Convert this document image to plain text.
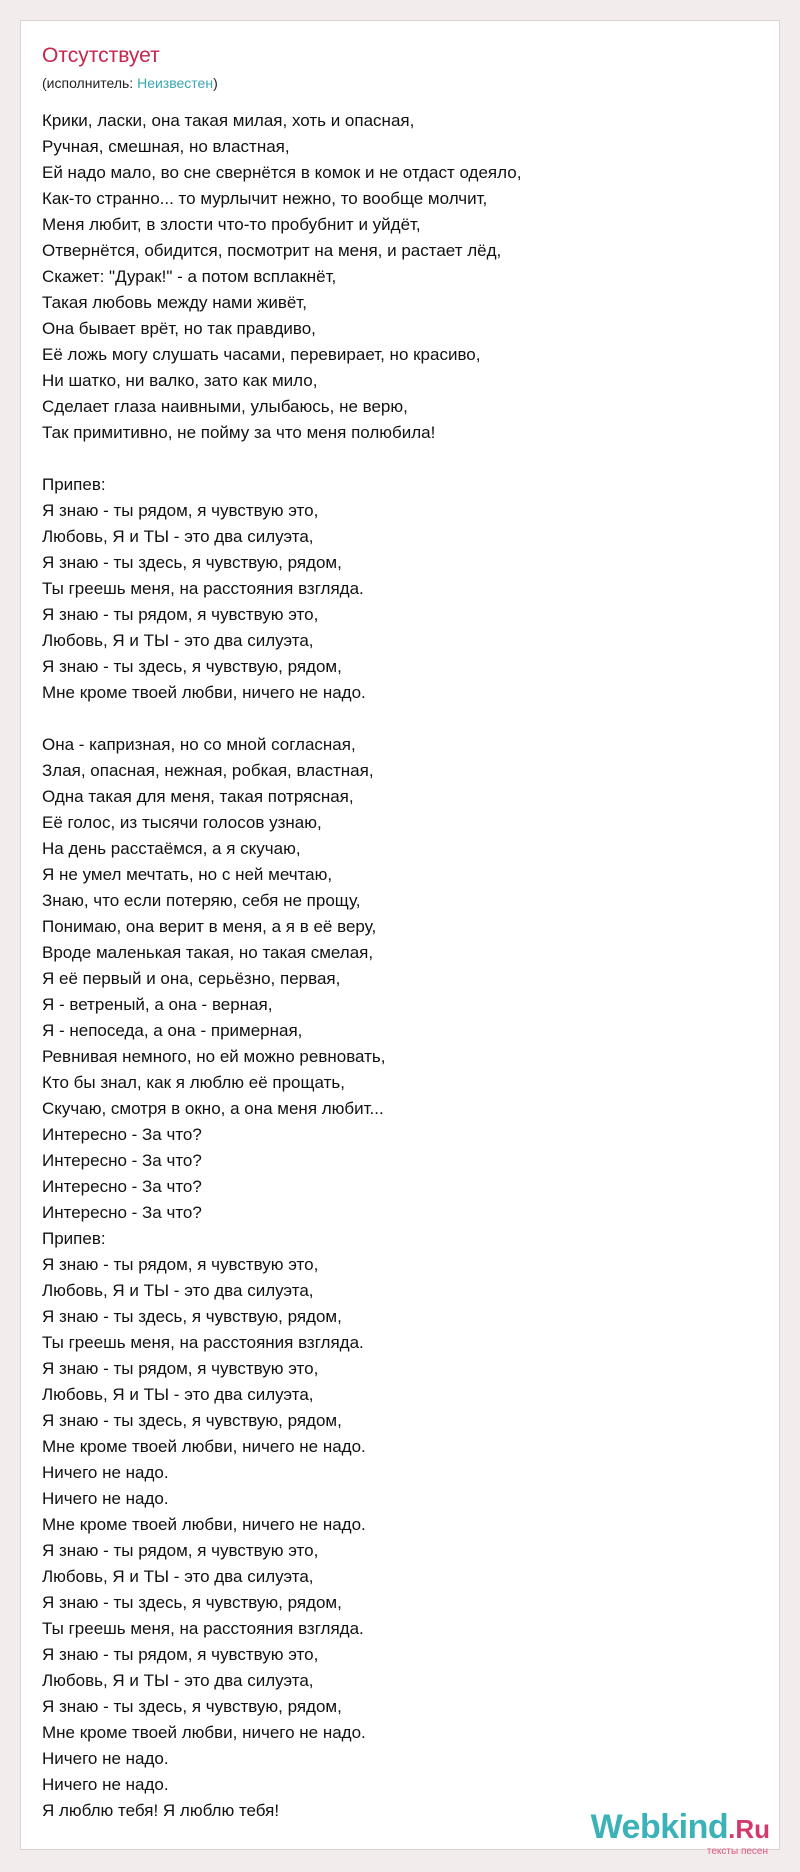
Отсутствует
(исполнитель: Неизвестен)
Крики, ласки, она такая милая, хоть и опасная,
Ручная, смешная, но властная,
Ей надо мало, во сне свернётся в комок и не отдаст одеяло,
Как-то странно... то мурлычит нежно, то вообще молчит,
Меня любит, в злости что-то пробубнит и уйдёт,
Отвернётся, обидится, посмотрит на меня, и растает лёд,
Скажет: "Дурак!" - а потом всплакнёт,
Такая любовь между нами живёт,
Она бывает врёт, но так правдиво,
Её ложь могу слушать часами, перевирает, но красиво,
Ни шатко, ни валко, зато как мило,
Сделает глаза наивными, улыбаюсь, не верю,
Так примитивно, не пойму за что меня полюбила!
Припев:
Я знаю - ты рядом, я чувствую это,
Любовь, Я и ТЫ - это два силуэта,
Я знаю - ты здесь, я чувствую, рядом,
Ты греешь меня, на расстояния взгляда.
Я знаю - ты рядом, я чувствую это,
Любовь, Я и ТЫ - это два силуэта,
Я знаю - ты здесь, я чувствую, рядом,
Мне кроме твоей любви, ничего не надо.
Она - капризная, но со мной согласная,
Злая, опасная, нежная, робкая, властная,
Одна такая для меня, такая потрясная,
Её голос, из тысячи голосов узнаю,
На день расстаёмся, а я скучаю,
Я не умел мечтать, но с ней мечтаю,
Знаю, что если потеряю, себя не прощу,
Понимаю, она верит в меня, а я в её веру,
Вроде маленькая такая, но такая смелая,
Я её первый и она, серьёзно, первая,
Я - ветреный, а она - верная,
Я - непоседа, а она - примерная,
Ревнивая немного, но ей можно ревновать,
Кто бы знал, как я люблю её прощать,
Скучаю, смотря в окно, а она меня любит...
Интересно - За что?
Интересно - За что?
Интересно - За что?
Интересно - За что?
Припев:
Я знаю - ты рядом, я чувствую это,
Любовь, Я и ТЫ - это два силуэта,
Я знаю - ты здесь, я чувствую, рядом,
Ты греешь меня, на расстояния взгляда.
Я знаю - ты рядом, я чувствую это,
Любовь, Я и ТЫ - это два силуэта,
Я знаю - ты здесь, я чувствую, рядом,
Мне кроме твоей любви, ничего не надо.
Ничего не надо.
Ничего не надо.
Мне кроме твоей любви, ничего не надо.
Я знаю - ты рядом, я чувствую это,
Любовь, Я и ТЫ - это два силуэта,
Я знаю - ты здесь, я чувствую, рядом,
Ты греешь меня, на расстояния взгляда.
Я знаю - ты рядом, я чувствую это,
Любовь, Я и ТЫ - это два силуэта,
Я знаю - ты здесь, я чувствую, рядом,
Мне кроме твоей любви, ничего не надо.
Ничего не надо.
Ничего не надо.
Я люблю тебя! Я люблю тебя!	Webkind.Ru
тексты песен
